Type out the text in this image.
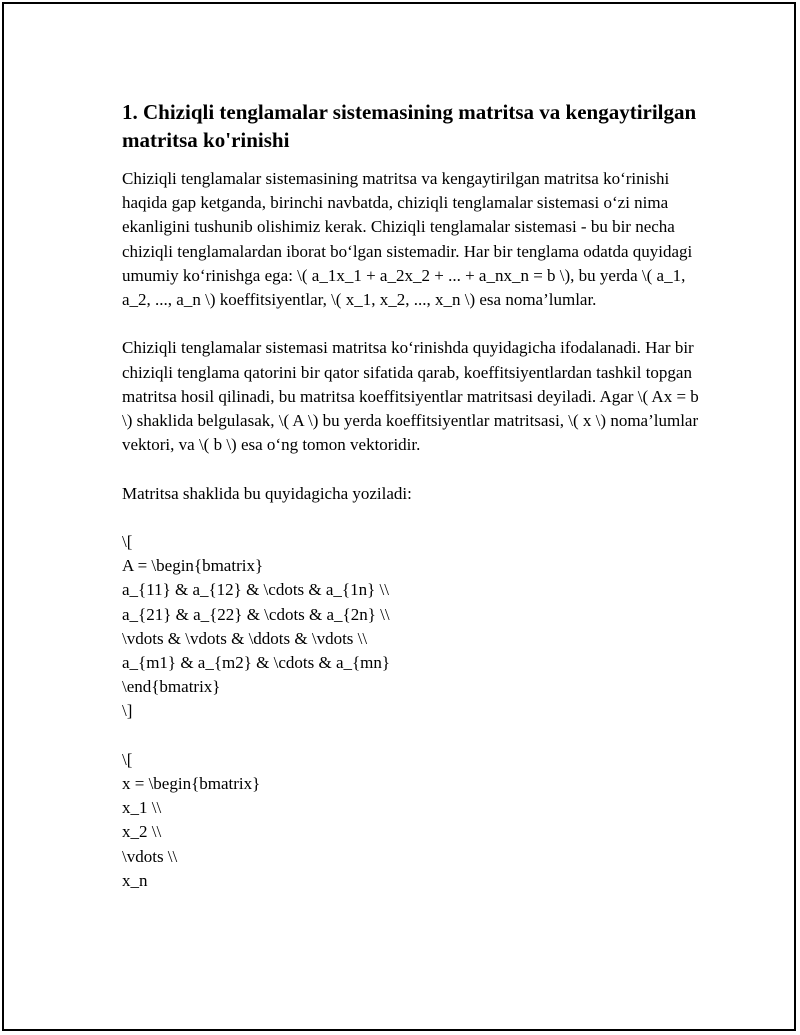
1. Chiziqli tenglamalar sistemasining matritsa va kengaytirilgan matritsa ko'rinishi

Chiziqli tenglamalar sistemasining matritsa va kengaytirilgan matritsa ko‘rinishi haqida gap ketganda, birinchi navbatda, chiziqli tenglamalar sistemasi o‘zi nima ekanligini tushunib olishimiz kerak. Chiziqli tenglamalar sistemasi - bu bir necha chiziqli tenglamalardan iborat bo‘lgan sistemadir. Har bir tenglama odatda quyidagi umumiy ko‘rinishga ega: \( a_1x_1 + a_2x_2 + ... + a_nx_n = b \), bu yerda \( a_1, a_2, ..., a_n \) koeffitsiyentlar, \( x_1, x_2, ..., x_n \) esa noma’lumlar.

Chiziqli tenglamalar sistemasi matritsa ko‘rinishda quyidagicha ifodalanadi. Har bir chiziqli tenglama qatorini bir qator sifatida qarab, koeffitsiyentlardan tashkil topgan matritsa hosil qilinadi, bu matritsa koeffitsiyentlar matritsasi deyiladi. Agar \( Ax = b \) shaklida belgulasak, \( A \) bu yerda koeffitsiyentlar matritsasi, \( x \) noma’lumlar vektori, va \( b \) esa o‘ng tomon vektoridir.

Matritsa shaklida bu quyidagicha yoziladi:

\[
A = \begin{bmatrix}
a_{11} & a_{12} & \cdots & a_{1n} \\
a_{21} & a_{22} & \cdots & a_{2n} \\
\vdots & \vdots & \ddots & \vdots \\
a_{m1} & a_{m2} & \cdots & a_{mn}
\end{bmatrix}
\]
\[
x = \begin{bmatrix}
x_1 \\
x_2 \\
\vdots \\
x_n
